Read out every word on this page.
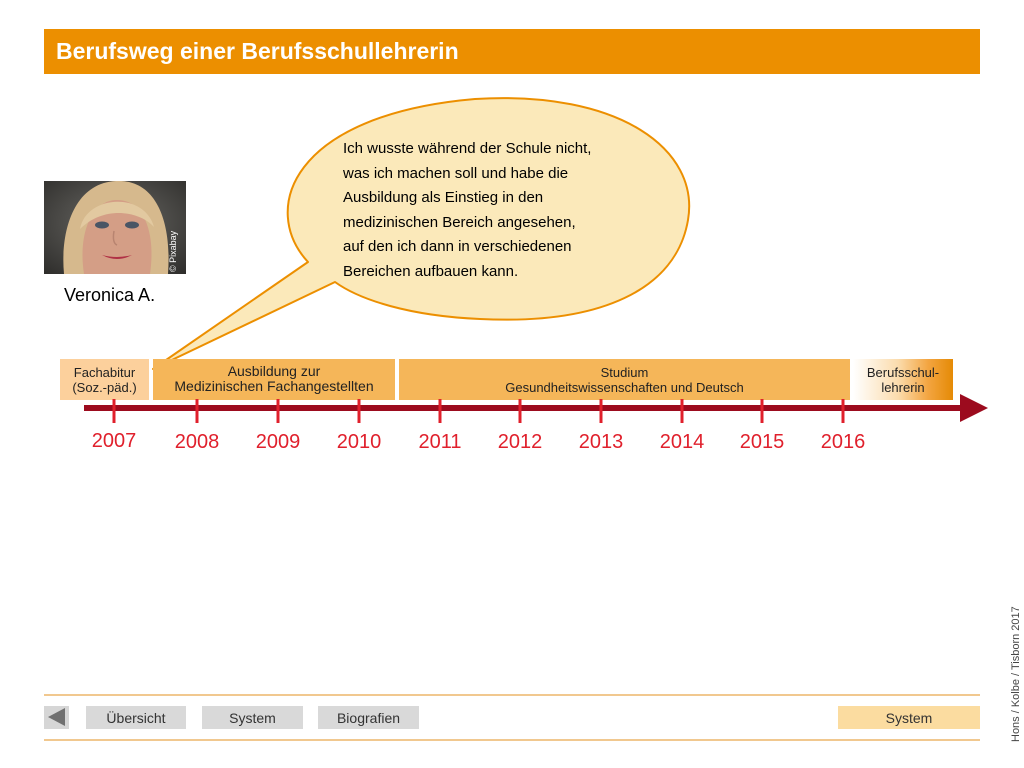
Berufsweg einer Berufsschullehrerin
© Pixabay
Veronica A.
Ich wusste während der Schule nicht,
was ich machen soll und habe die
Ausbildung als Einstieg in den
medizinischen Bereich angesehen,
auf den ich dann in verschiedenen
Bereichen aufbauen kann.
Fachabitur
(Soz.-päd.)
Ausbildung zur
Medizinischen Fachangestellten
Studium
Gesundheitswissenschaften und Deutsch
Berufsschul-
lehrerin
2007 2008 2009 2010 2011 2012 2013 2014 2015 2016
Übersicht	System	Biografien	System	Hons / Kolbe / Tisborn 2017
